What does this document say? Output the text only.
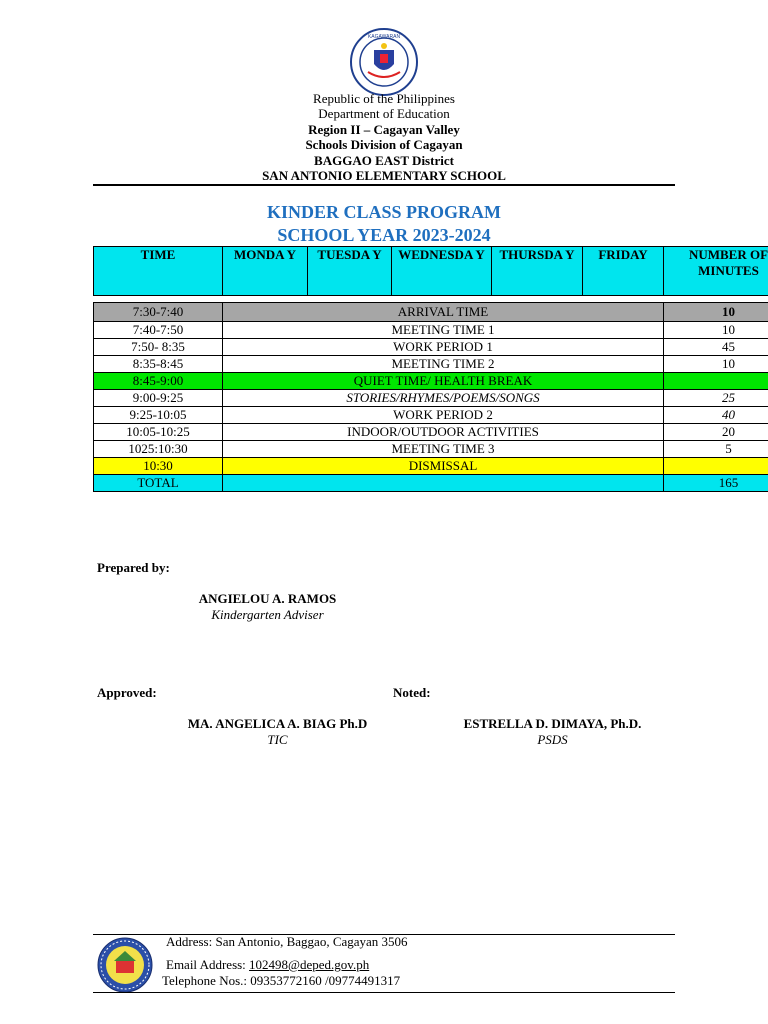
KAGAWARAN
Republic of the Philippines
Department of Education
Region II – Cagayan Valley
Schools Division of Cagayan
BAGGAO EAST District
SAN ANTONIO ELEMENTARY SCHOOL
KINDER CLASS PROGRAM
SCHOOL YEAR 2023-2024
TIME	MONDA Y	TUESDA Y	WEDNESDA Y	THURSDA Y	FRIDAY	NUMBER OF MINUTES

7:30-7:40	ARRIVAL TIME					10
7:40-7:50	MEETING TIME 1					10
7:50- 8:35	WORK PERIOD 1					45
8:35-8:45	MEETING TIME 2					10
8:45-9:00	QUIET TIME/ HEALTH BREAK					
9:00-9:25	STORIES/RHYMES/POEMS/SONGS					25
9:25-10:05	WORK PERIOD 2					40
10:05-10:25	INDOOR/OUTDOOR ACTIVITIES					20
1025:10:30	MEETING TIME 3					5
10:30	DISMISSAL					
TOTAL						165
Prepared by:
ANGIELOU A. RAMOS
Kindergarten Adviser
Approved:	Noted:
MA. ANGELICA A. BIAG Ph.D
TIC
ESTRELLA D. DIMAYA, Ph.D.
PSDS
Address: San Antonio, Baggao, Cagayan 3506
Email Address: 102498@deped.gov.ph
Telephone Nos.: 09353772160 /09774491317
